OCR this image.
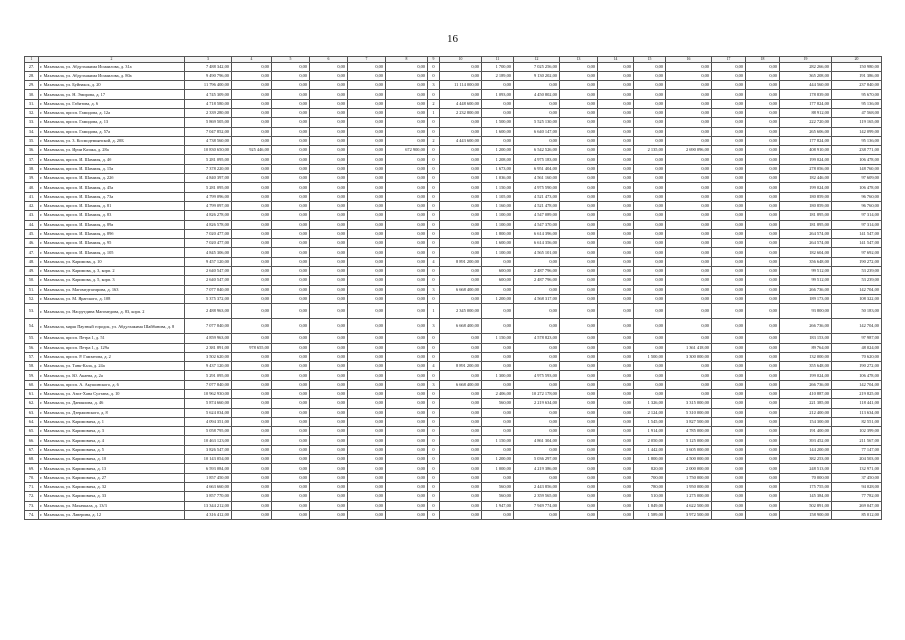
16
1	2	3	4	5	6	7	8	9	10	11	12	13	14	15	16	17	18	19	20
27.	г. Махачкала, ул. Абдулхакима Исмаилова, д. 31а	7 488 342,00	0,00	0,00	0,00	0,00	0,00	0	0,00	1 700,00	7 025 256,00	0,00	0,00	0,00	0,00	0,00	0,00	282 266,00	150 980,00
28.	г. Махачкала, ул. Абдулхакима Исмаилова, д. 80а	9 490 796,00	0,00	0,00	0,00	0,00	0,00	0	0,00	2 189,00	9 130 202,00	0,00	0,00	0,00	0,00	0,00	0,00	365 208,00	191 386,00
29.	г. Махачкала, ул. Буйнакск, д. 20	11 796 400,00	0,00	0,00	0,00	0,00	0,00	3	11 114 000,00	0,00	0,00	0,00	0,00	0,00	0,00	0,00	0,00	444 560,00	237 840,00
30.	г. Махачкала, ул. Н. Эмирова, д. 17	4 745 309,00	0,00	0,00	0,00	0,00	0,00	0	0,00	1 093,00	4 450 802,00	0,00	0,00	0,00	0,00	0,00	0,00	178 839,00	95 670,00
31.	г. Махачкала, ул. Габитова, д. 6	4 718 580,00	0,00	0,00	0,00	0,00	0,00	2	4 448 600,00	0,00	0,00	0,00	0,00	0,00	0,00	0,00	0,00	177 824,00	95 136,00
32.	г. Махачкала, просп. Гамидова, д. 12а	2 339 280,00	0,00	0,00	0,00	0,00	0,00	1	2 232 800,00	0,00	0,00	0,00	0,00	0,00	0,00	0,00	0,00	88 912,00	47 568,00
33.	г. Махачкала, просп. Гамидова, д. 13	5 869 505,00	0,00	0,00	0,00	0,00	0,00	0	0,00	1 500,00	5 525 130,00	0,00	0,00	0,00	0,00	0,00	0,00	222 720,00	119 165,00
34.	г. Махачкала, просп. Гамидова, д. 57а	7 047 852,00	0,00	0,00	0,00	0,00	0,00	0	0,00	1 600,00	6 640 147,00	0,00	0,00	0,00	0,00	0,00	0,00	265 606,00	142 099,00
35.	г. Махачкала, ул. 3. Космодемьянской, д. 20Б	4 738 560,00	0,00	0,00	0,00	0,00	0,00	2	4 443 600,00	0,00	0,00	0,00	0,00	0,00	0,00	0,00	0,00	177 824,00	95 136,00
36.	г. Махачкала, ул. Ирчи Казака, д. 28а	10 830 650,00	925 446,00	0,00	0,00	0,00	672 900,00	0	0,00	1 200,00	6 542 526,00	0,00	0,00	2 135,00	2 690 096,00	0,00	0,00	408 910,00	238 771,00
37.	г. Махачкала, просп. И. Шамиля, д. 4б	5 281 095,00	0,00	0,00	0,00	0,00	0,00	0	0,00	1 208,00	4 975 183,00	0,00	0,00	0,00	0,00	0,00	0,00	199 024,00	106 478,00
38.	г. Махачкала, просп. И. Шамиля, д. 15а	7 378 220,00	0,00	0,00	0,00	0,00	0,00	0	0,00	1 673,00	6 951 404,00	0,00	0,00	0,00	0,00	0,00	0,00	278 056,00	148 760,00
39.	г. Махачкала, просп. И. Шамиля, д. 22б	4 840 397,00	0,00	0,00	0,00	0,00	0,00	0	0,00	1 036,00	4 561 160,00	0,00	0,00	0,00	0,00	0,00	0,00	182 446,00	97 609,00
40.	г. Махачкала, просп. И. Шамиля, д. 45а	5 281 095,00	0,00	0,00	0,00	0,00	0,00	0	0,00	1 150,00	4 975 590,00	0,00	0,00	0,00	0,00	0,00	0,00	199 024,00	106 478,00
41.	г. Махачкала, просп. И. Шамиля, д. 73а	4 799 096,00	0,00	0,00	0,00	0,00	0,00	0	0,00	1 105,00	4 521 473,00	0,00	0,00	0,00	0,00	0,00	0,00	180 859,00	96 760,00
42.	г. Махачкала, просп. И. Шамиля, д. 81	4 799 097,00	0,00	0,00	0,00	0,00	0,00	0	0,00	1 160,00	4 521 478,00	0,00	0,00	0,00	0,00	0,00	0,00	180 859,00	96 760,00
43.	г. Махачкала, просп. И. Шамиля, д. 83	4 826 278,00	0,00	0,00	0,00	0,00	0,00	0	0,00	1 100,00	4 547 089,00	0,00	0,00	0,00	0,00	0,00	0,00	181 895,00	97 314,00
44.	г. Махачкала, просп. И. Шамиля, д. 89а	4 826 578,00	0,00	0,00	0,00	0,00	0,00	0	0,00	1 100,00	4 547 370,00	0,00	0,00	0,00	0,00	0,00	0,00	181 895,00	97 314,00
45.	г. Махачкала, просп. И. Шамиля, д. 89б	7 020 477,00	0,00	0,00	0,00	0,00	0,00	0	0,00	1 800,00	6 614 396,00	0,00	0,00	0,00	0,00	0,00	0,00	264 574,00	141 547,00
46.	г. Махачкала, просп. И. Шамиля, д. 95	7 020 477,00	0,00	0,00	0,00	0,00	0,00	0	0,00	1 600,00	6 614 356,00	0,00	0,00	0,00	0,00	0,00	0,00	264 574,00	141 547,00
47.	г. Махачкала, просп. И. Шамиля, д. 105	4 845 306,00	0,00	0,00	0,00	0,00	0,00	0	0,00	1 100,00	4 565 101,00	0,00	0,00	0,00	0,00	0,00	0,00	182 604,00	97 692,00
48.	г. Махачкала, ул. Каримова, д. 10	9 457 120,00	0,00	0,00	0,00	0,00	0,00	4	8 891 200,00	0,00	0,00	0,00	0,00	0,00	0,00	0,00	0,00	356 648,00	190 272,00
49.	г. Махачкала, ул. Каримова, д. 3, корп. 2	2 640 547,00	0,00	0,00	0,00	0,00	0,00	0	0,00	600,00	2 487 796,00	0,00	0,00	0,00	0,00	0,00	0,00	99 512,00	53 239,00
50.	г. Махачкала, ул. Каримова, д. 5, корп. 3	2 640 547,00	0,00	0,00	0,00	0,00	0,00	0	0,00	600,00	2 487 796,00	0,00	0,00	0,00	0,00	0,00	0,00	99 512,00	53 239,00
51.	г. Махачкала, ул. Магомедтагирова, д. 163	7 077 840,00	0,00	0,00	0,00	0,00	0,00	3	6 668 400,00	0,00	0,00	0,00	0,00	0,00	0,00	0,00	0,00	266 736,00	142 704,00
52.	г. Махачкала, ул. М. Ярагского, д. 108	5 375 372,00	0,00	0,00	0,00	0,00	0,00	0	0,00	1 200,00	4 568 317,00	0,00	0,00	0,00	0,00	0,00	0,00	189 173,00	108 322,00
53.	г. Махачкала, ул. Насрутдина Магомедова, д. 83, корп. 2	2 488 963,00	0,00	0,00	0,00	0,00	0,00	1	2 345 000,00	0,00	0,00	0,00	0,00	0,00	0,00	0,00	0,00	93 800,00	50 183,00
54.	г. Махачкала, марш Паузный городок, ул. Абдулхакима Шайбанова, д. 8	7 077 840,00	0,00	0,00	0,00	0,00	0,00	3	6 668 400,00	0,00	0,00	0,00	0,00	0,00	0,00	0,00	0,00	266 736,00	142 704,00
55.	г. Махачкала, просп. Петра 1, д. 51	4 859 963,00	0,00	0,00	0,00	0,00	0,00	0	0,00	1 150,00	4 578 823,00	0,00	0,00	0,00	0,00	0,00	0,00	183 153,00	97 987,00
56.	г. Махачкала, просп. Петра 1, д. 129а	2 381 891,00	978 655,00	0,00	0,00	0,00	0,00	0	0,00	0,00	0,00	0,00	0,00	0,00	1 361 418,00	0,00	0,00	89 764,00	48 024,00
57.	г. Махачкала, просп. Р. Гамзатова, д. 2	3 502 620,00	0,00	0,00	0,00	0,00	0,00	0	0,00	0,00	0,00	0,00	0,00	1 500,00	3 300 000,00	0,00	0,00	132 000,00	70 620,00
58.	г. Махачкала, ул. Танк-Кала, д. 24а	9 437 120,00	0,00	0,00	0,00	0,00	0,00	4	8 891 200,00	0,00	0,00	0,00	0,00	0,00	0,00	0,00	0,00	355 648,00	190 272,00
59.	г. Махачкала, ул. Ю. Акаева, д. 2а	5 291 095,00	0,00	0,00	0,00	0,00	0,00	0	0,00	1 300,00	4 975 593,00	0,00	0,00	0,00	0,00	0,00	0,00	199 024,00	106 478,00
60.	г. Махачкала, просп. А. Акушинского, д. 6	7 077 840,00	0,00	0,00	0,00	0,00	0,00	3	6 668 400,00	0,00	0,00	0,00	0,00	0,00	0,00	0,00	0,00	266 736,00	142 704,00
61.	г. Махачкала, ул. Азиз-Хана Султана, д. 10	10 962 930,00	0,00	0,00	0,00	0,00	0,00	0	0,00	2 406,00	10 272 178,00	0,00	0,00	0,00	0,00	0,00	0,00	410 887,00	219 825,00
62.	г. Махачкала, ул. Даниялова, д. 46	5 874 660,00	0,00	0,00	0,00	0,00	0,00	0	0,00	560,00	2 219 634,00	0,00	0,00	1 326,00	3 315 000,00	0,00	0,00	221 385,00	118 441,00
63.	г. Махачкала, ул. Дзержинского, д. 8	5 624 034,00	0,00	0,00	0,00	0,00	0,00	0	0,00	0,00	0,00	0,00	0,00	2 124,00	5 310 000,00	0,00	0,00	212 400,00	113 634,00
64.	г. Махачкала, ул. Каримовича, д. 1	4 094 351,00	0,00	0,00	0,00	0,00	0,00	0	0,00	0,00	0,00	0,00	0,00	1 545,00	3 827 500,00	0,00	0,00	154 300,00	82 551,00
65.	г. Махачкала, ул. Каримовича, д. 3	5 058 795,00	0,00	0,00	0,00	0,00	0,00	0	0,00	0,00	0,00	0,00	0,00	1 914,00	4 785 000,00	0,00	0,00	191 400,00	102 399,00
66.	г. Махачкала, ул. Каримовича, д. 4	10 463 123,00	0,00	0,00	0,00	0,00	0,00	0	0,00	1 150,00	4 861 304,00	0,00	0,00	2 050,00	5 125 000,00	0,00	0,00	393 452,00	211 567,00
67.	г. Махачкала, ул. Каримовича, д. 5	3 826 547,00	0,00	0,00	0,00	0,00	0,00	0	0,00	0,00	0,00	0,00	0,00	1 442,00	3 605 000,00	0,00	0,00	144 200,00	77 147,00
68.	г. Махачкала, ул. Каримовича, д. 10	10 143 054,00	0,00	0,00	0,00	0,00	0,00	0	0,00	1 200,00	5 036 297,00	0,00	0,00	1 800,00	4 500 000,00	0,00	0,00	382 253,00	204 503,00
69.	г. Махачкала, ул. Каримовича, д. 13	6 593 084,00	0,00	0,00	0,00	0,00	0,00	0	0,00	1 000,00	4 219 386,00	0,00	0,00	820,00	2 000 000,00	0,00	0,00	248 513,00	132 971,00
70.	г. Махачкала, ул. Каримовича, д. 27	1 857 450,00	0,00	0,00	0,00	0,00	0,00	0	0,00	0,00	0,00	0,00	0,00	700,00	1 750 000,00	0,00	0,00	70 000,00	37 450,00
71.	г. Махачкала, ул. Каримовича, д. 32	4 663 660,00	0,00	0,00	0,00	0,00	0,00	0	0,00	560,00	2 443 856,00	0,00	0,00	780,00	1 950 000,00	0,00	0,00	175 755,00	94 028,00
72.	г. Махачкала, ул. Каримовича, д. 33	3 857 770,00	0,00	0,00	0,00	0,00	0,00	0	0,00	560,00	2 359 565,00	0,00	0,00	510,00	1 275 000,00	0,00	0,00	145 384,00	77 782,00
73.	г. Махачкала, ул. Махачкала, д. 13/3	13 344 212,00	0,00	0,00	0,00	0,00	0,00	0	0,00	1 947,00	7 949 774,00	0,00	0,00	1 849,00	4 622 500,00	0,00	0,00	502 891,00	269 047,00
74.	г. Махачкала, ул. Лаверина, д. 12	4 316 412,00	0,00	0,00	0,00	0,00	0,00	0	0,00	0,00	0,00	0,00	0,00	1 589,00	3 972 500,00	0,00	0,00	158 900,00	85 012,00
